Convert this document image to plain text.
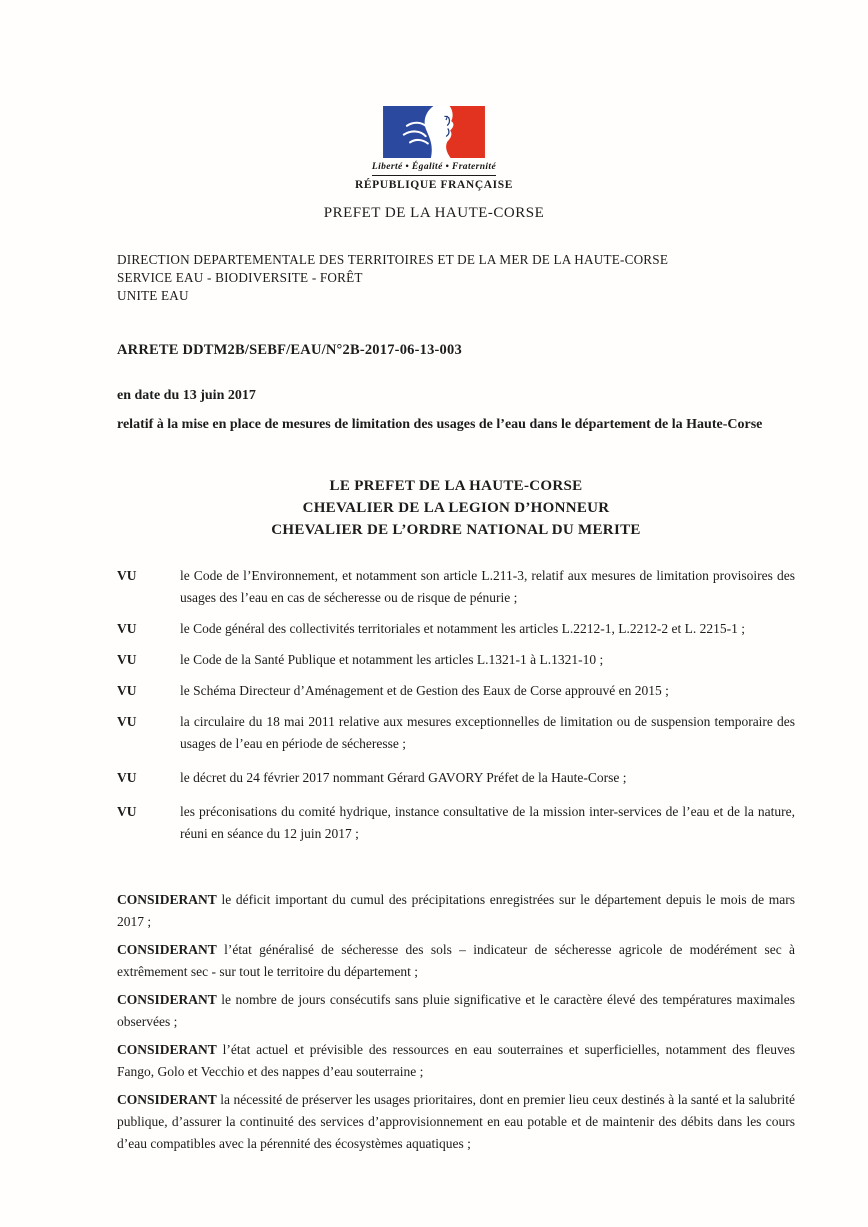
Liberté • Égalité • Fraternité
RÉPUBLIQUE FRANÇAISE
PREFET DE LA HAUTE-CORSE
DIRECTION DEPARTEMENTALE DES TERRITOIRES ET DE LA MER DE LA HAUTE-CORSE
SERVICE EAU - BIODIVERSITE - FORÊT
UNITE EAU
ARRETE DDTM2B/SEBF/EAU/N°2B-2017-06-13-003
en date du 13 juin 2017
relatif à la mise en place de mesures de limitation des usages de l’eau dans le département de la Haute-Corse
LE PREFET DE LA HAUTE-CORSE
CHEVALIER DE LA LEGION D’HONNEUR
CHEVALIER DE L’ORDRE NATIONAL DU MERITE
VU	le Code de l’Environnement, et notamment son article L.211-3, relatif aux mesures de limitation provisoires des usages des l’eau en cas de sécheresse ou de risque de pénurie ;
VU	le Code général des collectivités territoriales et notamment les articles L.2212-1, L.2212-2 et L. 2215-1 ;
VU	le Code de la Santé Publique et notamment les articles L.1321-1 à L.1321-10 ;
VU	le Schéma Directeur d’Aménagement et de Gestion des Eaux de Corse approuvé en 2015 ;
VU	la circulaire du 18 mai 2011 relative aux mesures exceptionnelles de limitation ou de suspension temporaire des usages de l’eau en période de sécheresse ;
VU	le décret du 24 février 2017 nommant Gérard GAVORY Préfet de la Haute-Corse ;
VU	les préconisations du comité hydrique, instance consultative de la mission inter-services de l’eau et de la nature, réuni en séance du 12 juin 2017 ;

CONSIDERANT le déficit important du cumul des précipitations enregistrées sur le département depuis le mois de mars 2017 ;

CONSIDERANT l’état généralisé de sécheresse des sols – indicateur de sécheresse agricole de modérément sec à extrêmement sec - sur tout le territoire du département ;

CONSIDERANT le nombre de jours consécutifs sans pluie significative et le caractère élevé des températures maximales observées ;

CONSIDERANT l’état actuel et prévisible des ressources en eau souterraines et superficielles, notamment des fleuves Fango, Golo et Vecchio et des nappes d’eau souterraine ;

CONSIDERANT la nécessité de préserver les usages prioritaires, dont en premier lieu ceux destinés à la santé et la salubrité publique, d’assurer la continuité des services d’approvisionnement en eau potable et de maintenir des débits dans les cours d’eau compatibles avec la pérennité des écosystèmes aquatiques ;
